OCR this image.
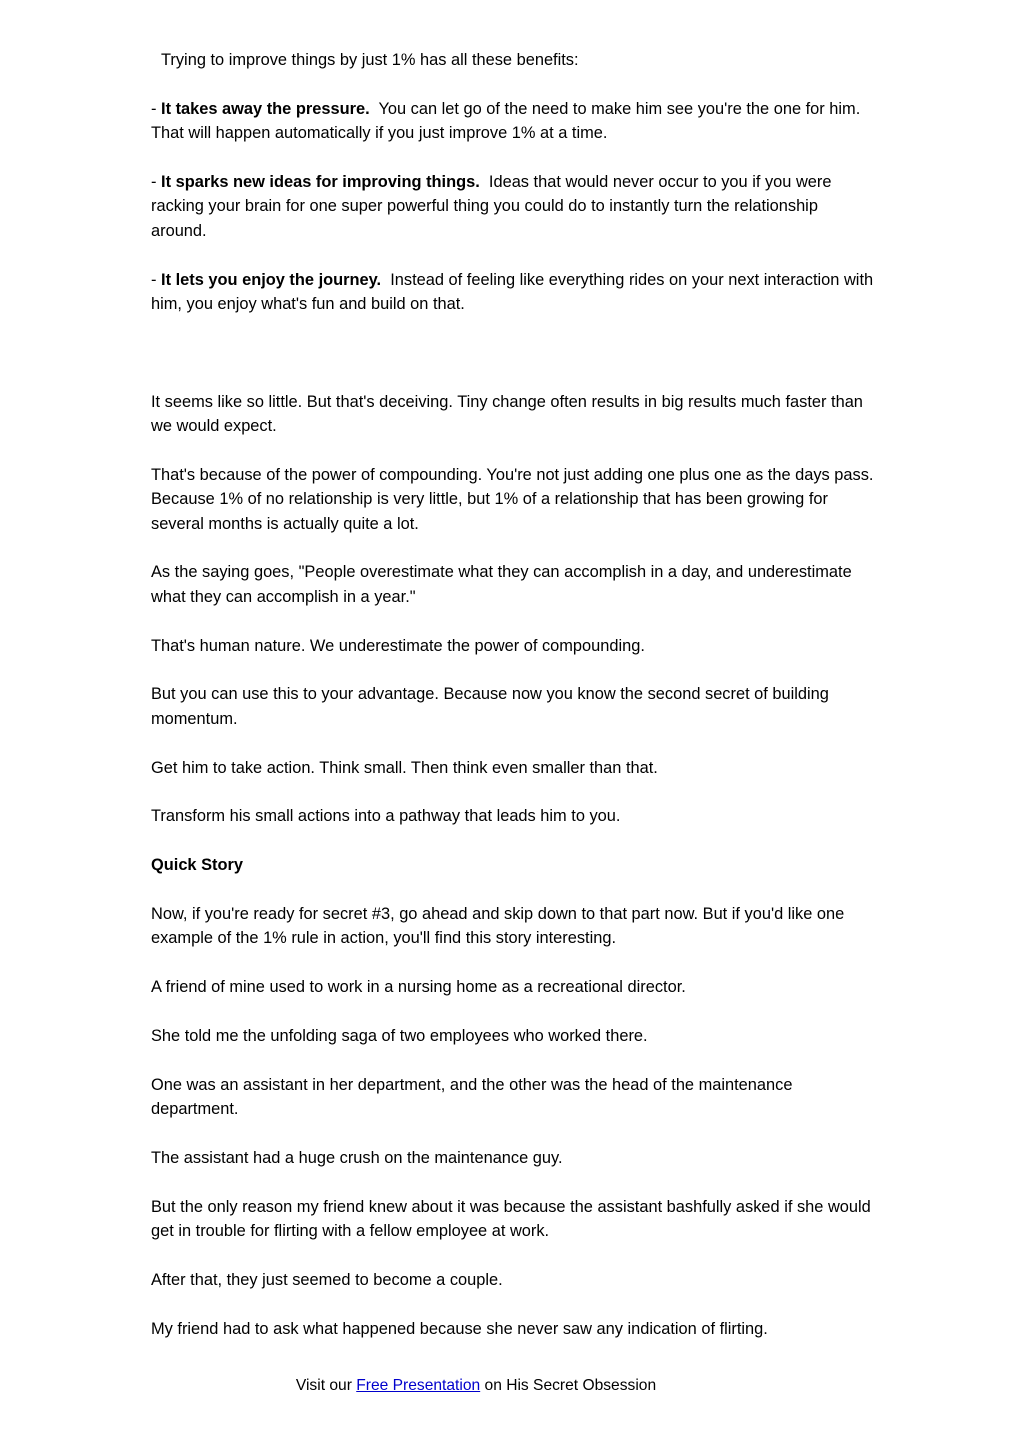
Trying to improve things by just 1% has all these benefits:

- It takes away the pressure. You can let go of the need to make him see you're the one for him. That will happen automatically if you just improve 1% at a time.

- It sparks new ideas for improving things. Ideas that would never occur to you if you were racking your brain for one super powerful thing you could do to instantly turn the relationship around.

- It lets you enjoy the journey. Instead of feeling like everything rides on your next interaction with him, you enjoy what's fun and build on that.

It seems like so little. But that's deceiving. Tiny change often results in big results much faster than we would expect.

That's because of the power of compounding. You're not just adding one plus one as the days pass. Because 1% of no relationship is very little, but 1% of a relationship that has been growing for several months is actually quite a lot.

As the saying goes, "People overestimate what they can accomplish in a day, and underestimate what they can accomplish in a year."

That's human nature. We underestimate the power of compounding.

But you can use this to your advantage. Because now you know the second secret of building momentum.

Get him to take action. Think small. Then think even smaller than that.

Transform his small actions into a pathway that leads him to you.

Quick Story

Now, if you're ready for secret #3, go ahead and skip down to that part now. But if you'd like one example of the 1% rule in action, you'll find this story interesting.

A friend of mine used to work in a nursing home as a recreational director.

She told me the unfolding saga of two employees who worked there.

One was an assistant in her department, and the other was the head of the maintenance department.

The assistant had a huge crush on the maintenance guy.

But the only reason my friend knew about it was because the assistant bashfully asked if she would get in trouble for flirting with a fellow employee at work.

After that, they just seemed to become a couple.

My friend had to ask what happened because she never saw any indication of flirting.

Visit our Free Presentation on His Secret Obsession
